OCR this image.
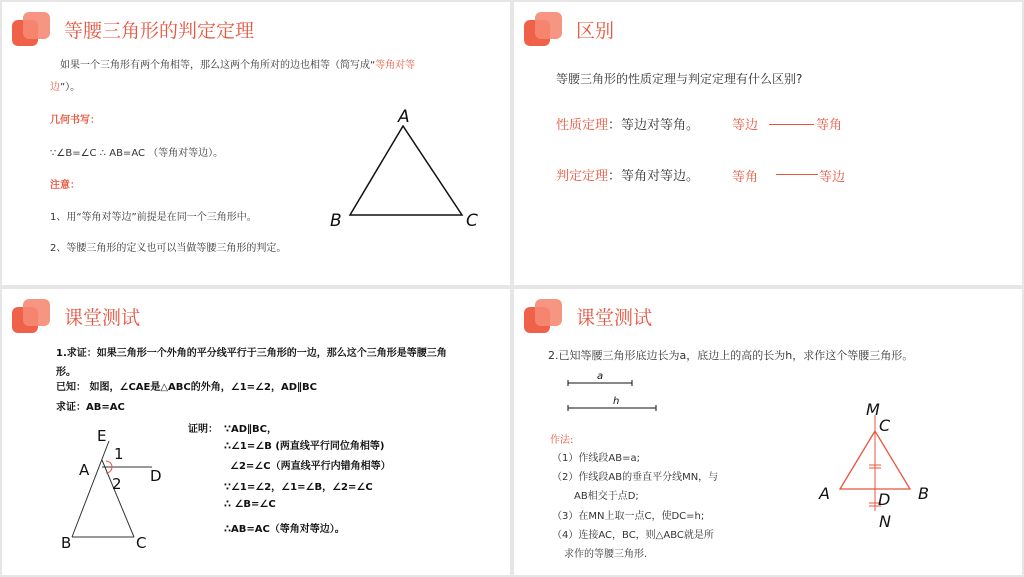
等腰三角形的判定定理
如果一个三角形有两个角相等，那么这两个角所对的边也相等（简写成“等角对等
边”）。
几何书写：
∵∠B=∠C ∴ AB=AC （等角对等边）。
注意：
1、用“等角对等边”前提是在同一个三角形中。
2、等腰三角形的定义也可以当做等腰三角形的判定。
A
B	C
区别
等腰三角形的性质定理与判定定理有什么区别?
性质定理：等边对等角。	等边	等角
判定定理：等角对等边。	等角	等边
课堂测试
1.求证：如果三角形一个外角的平分线平行于三角形的一边，那么这个三角形是等腰三角
形。
已知： 如图，∠CAE是△ABC的外角，∠1=∠2，AD∥BC
求证：AB=AC
证明： ∵AD∥BC，
∴∠1=∠B (两直线平行同位角相等)
∠2=∠C（两直线平行内错角相等）
∵∠1=∠2，∠1=∠B，∠2=∠C
∴ ∠B=∠C
∴AB=AC（等角对等边）。
E
A	D
B	C
1
2
课堂测试
2.已知等腰三角形底边长为a，底边上的高的长为h，求作这个等腰三角形。
a
h
作法:
（1）作线段AB=a;
（2）作线段AB的垂直平分线MN，与
AB相交于点D;
（3）在MN上取一点C，使DC=h;
（4）连接AC，BC，则△ABC就是所
求作的等腰三角形.
M
C
A	D B
N
